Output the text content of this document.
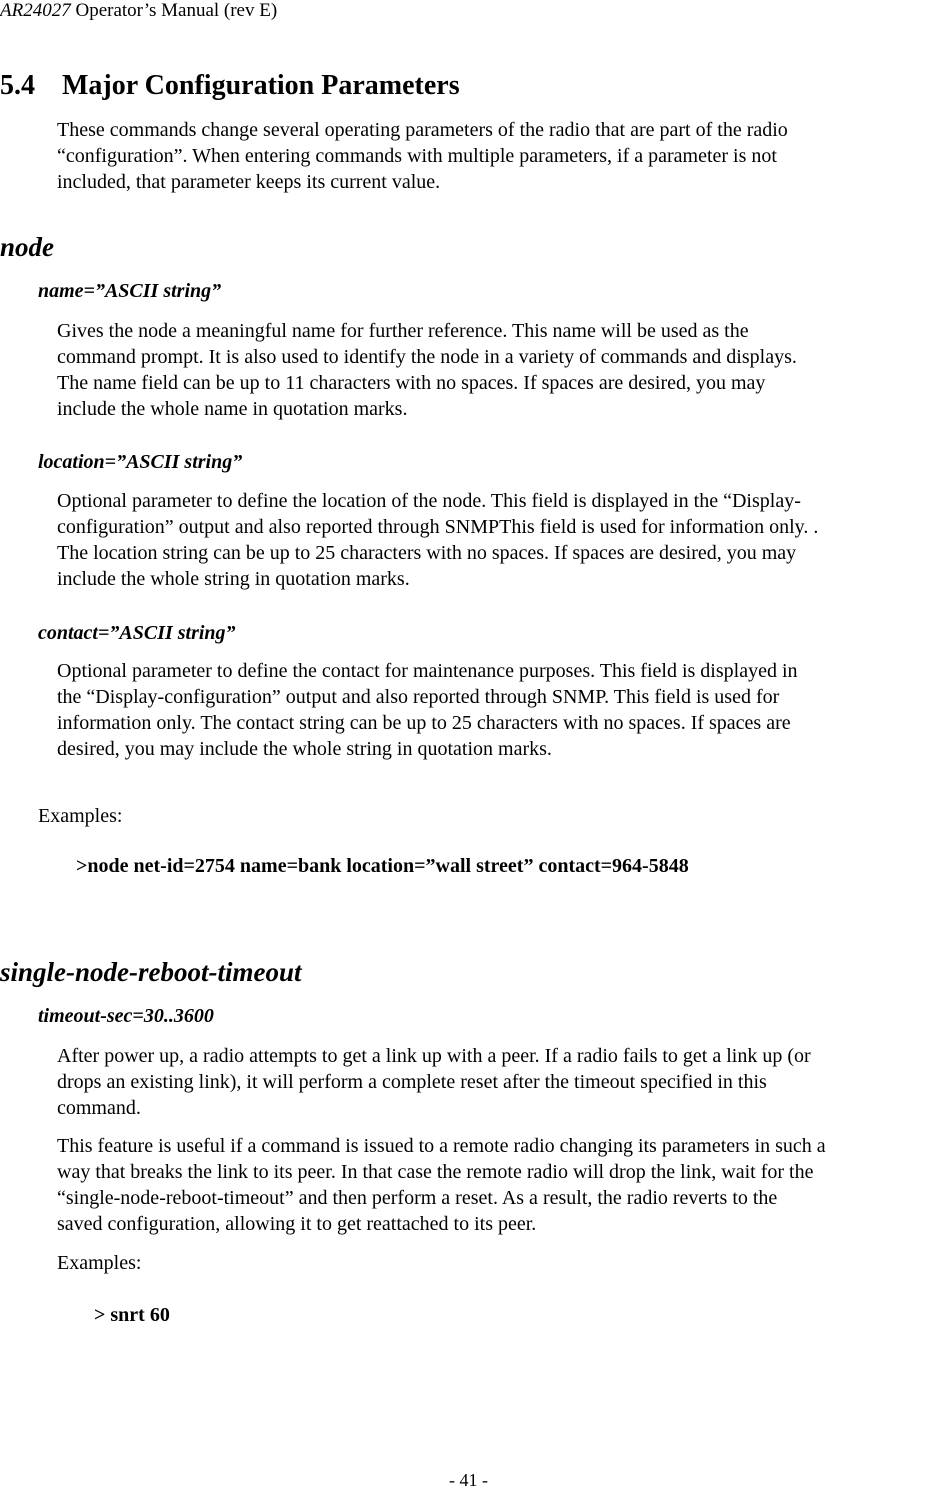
AR24027 Operator’s Manual (rev E)
5.4 Major Configuration Parameters

These commands change several operating parameters of the radio that are part of the radio

“configuration”. When entering commands with multiple parameters, if a parameter is not

included, that parameter keeps its current value.

node
name=”ASCII string”

Gives the node a meaningful name for further reference. This name will be used as the

command prompt. It is also used to identify the node in a variety of commands and displays.

The name field can be up to 11 characters with no spaces. If spaces are desired, you may

include the whole name in quotation marks.

location=”ASCII string”

Optional parameter to define the location of the node. This field is displayed in the “Display-

configuration” output and also reported through SNMPThis field is used for information only. .

The location string can be up to 25 characters with no spaces. If spaces are desired, you may

include the whole string in quotation marks.

contact=”ASCII string”

Optional parameter to define the contact for maintenance purposes. This field is displayed in

the “Display-configuration” output and also reported through SNMP. This field is used for

information only. The contact string can be up to 25 characters with no spaces. If spaces are

desired, you may include the whole string in quotation marks.

Examples:
>node net-id=2754 name=bank location=”wall street” contact=964-5848
single-node-reboot-timeout
timeout-sec=30..3600

After power up, a radio attempts to get a link up with a peer. If a radio fails to get a link up (or

drops an existing link), it will perform a complete reset after the timeout specified in this

command.

This feature is useful if a command is issued to a remote radio changing its parameters in such a

way that breaks the link to its peer. In that case the remote radio will drop the link, wait for the

“single-node-reboot-timeout” and then perform a reset. As a result, the radio reverts to the

saved configuration, allowing it to get reattached to its peer.

Examples:
> snrt 60
- 41 -
